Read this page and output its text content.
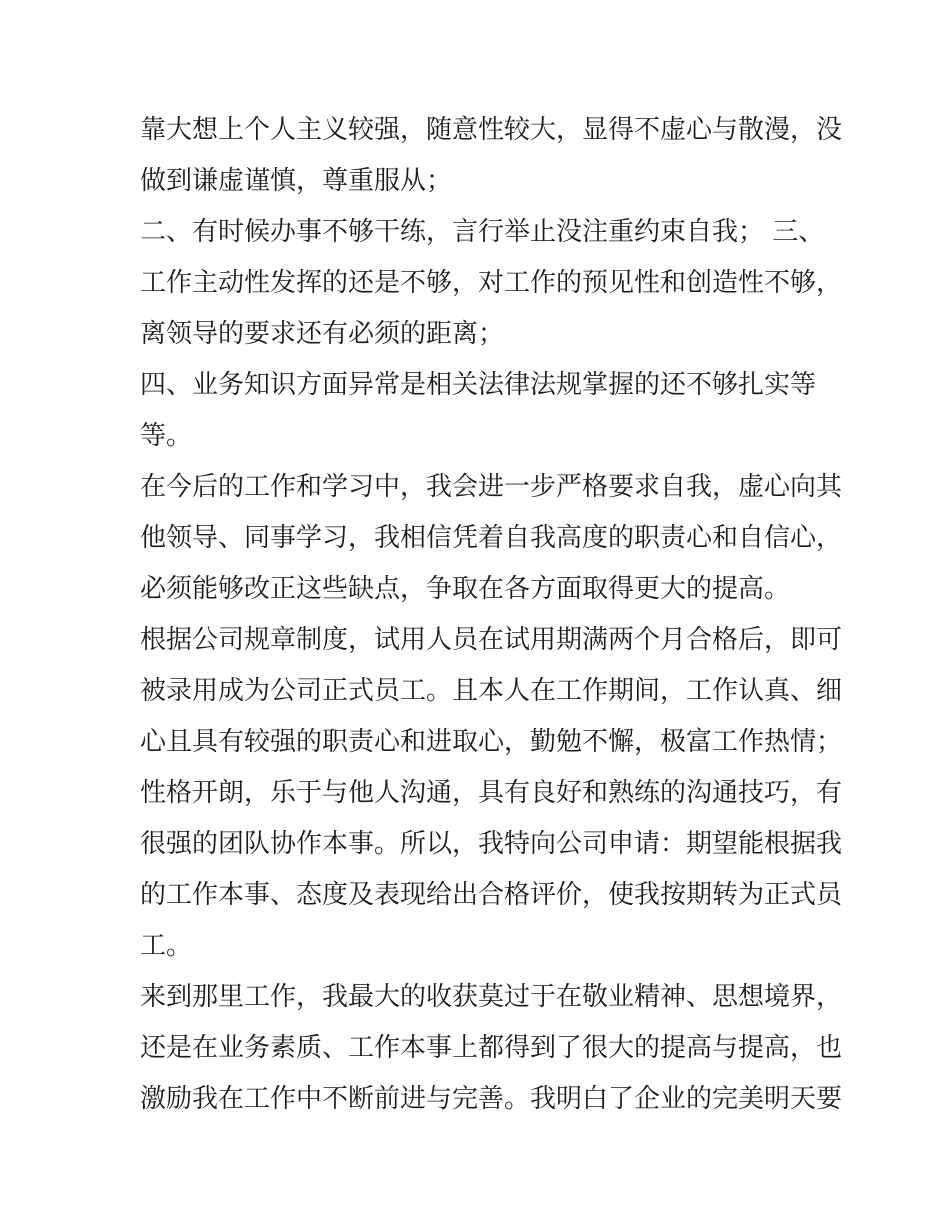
靠大想上个人主义较强，随意性较大，显得不虚心与散漫，没
做到谦虚谨慎，尊重服从；
二、有时候办事不够干练，言行举止没注重约束自我； 三、
工作主动性发挥的还是不够，对工作的预见性和创造性不够，
离领导的要求还有必须的距离；
四、业务知识方面异常是相关法律法规掌握的还不够扎实等
等。
在今后的工作和学习中，我会进一步严格要求自我，虚心向其
他领导、同事学习，我相信凭着自我高度的职责心和自信心，
必须能够改正这些缺点，争取在各方面取得更大的提高。
根据公司规章制度，试用人员在试用期满两个月合格后，即可
被录用成为公司正式员工。且本人在工作期间，工作认真、细
心且具有较强的职责心和进取心，勤勉不懈，极富工作热情；
性格开朗，乐于与他人沟通，具有良好和熟练的沟通技巧，有
很强的团队协作本事。所以，我特向公司申请：期望能根据我
的工作本事、态度及表现给出合格评价，使我按期转为正式员
工。
来到那里工作，我最大的收获莫过于在敬业精神、思想境界，
还是在业务素质、工作本事上都得到了很大的提高与提高，也
激励我在工作中不断前进与完善。我明白了企业的完美明天要
